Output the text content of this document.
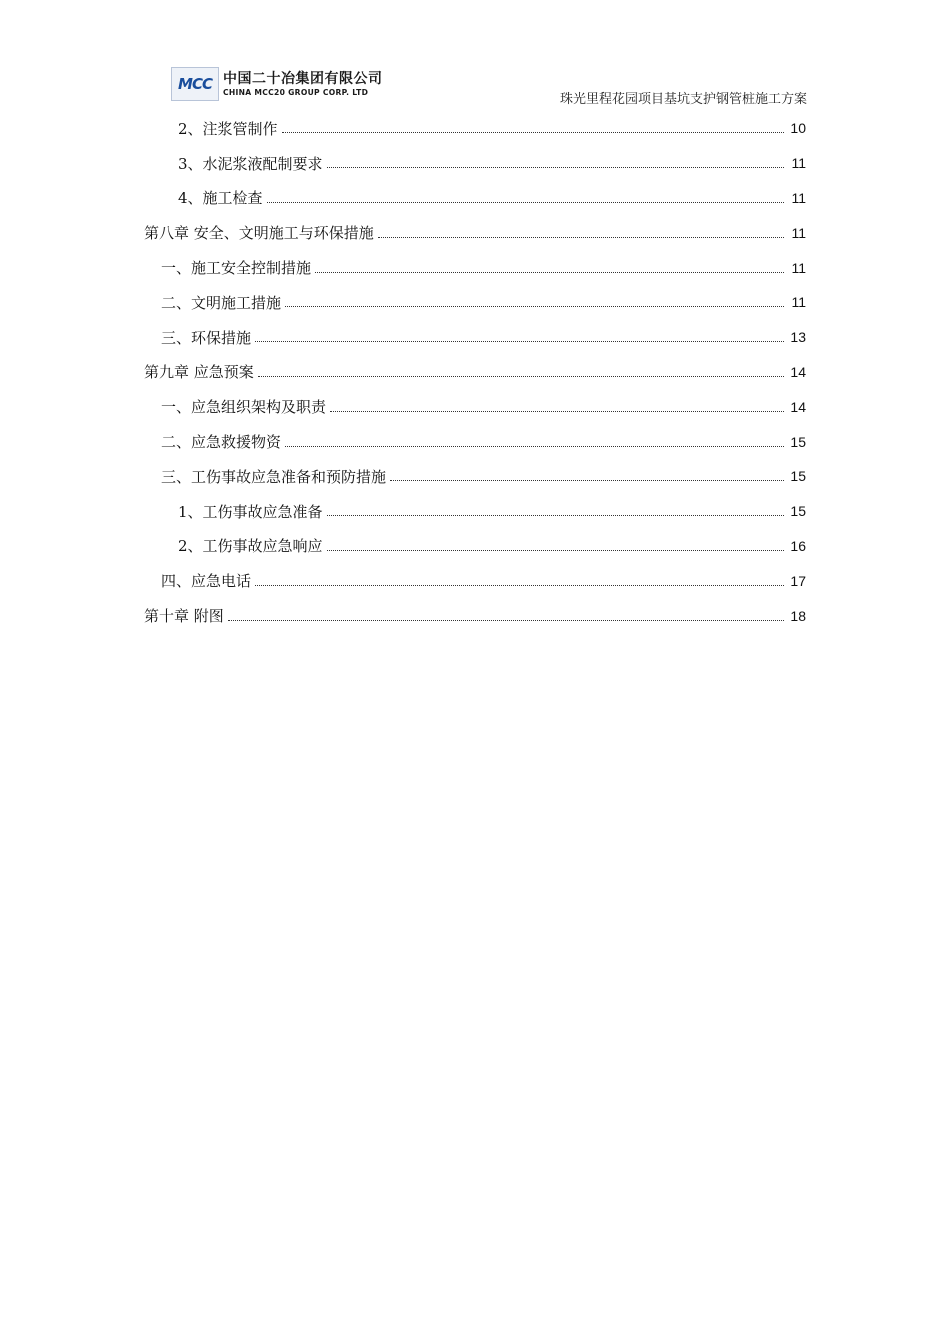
MCC 中国二十冶集团有限公司
CHINA MCC20 GROUP CORP. LTD	珠光里程花园项目基坑支护钢管桩施工方案
2、注浆管制作	10
3、水泥浆液配制要求	11
4、施工检查	11
第八章 安全、文明施工与环保措施	11
一、施工安全控制措施	11
二、文明施工措施	11
三、环保措施	13
第九章 应急预案	14
一、应急组织架构及职责	14
二、应急救援物资	15
三、工伤事故应急准备和预防措施	15
1、工伤事故应急准备	15
2、工伤事故应急响应	16
四、应急电话	17
第十章 附图	18
